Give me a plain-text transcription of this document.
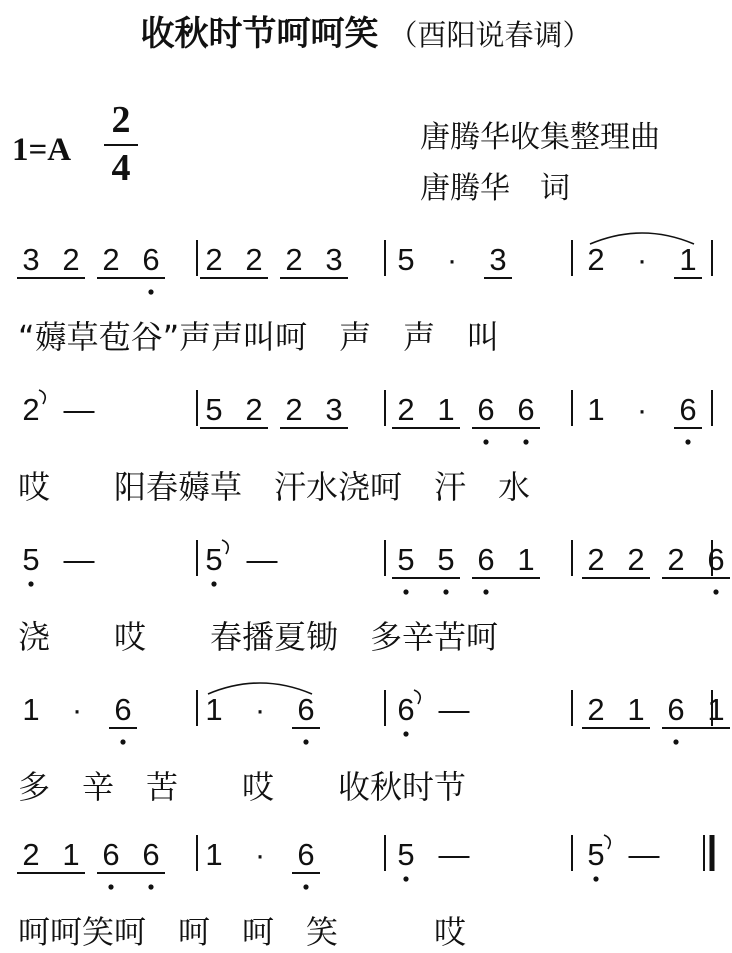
收秋时节呵呵笑 （酉阳说春调）
1=A
2
4
唐腾华收集整理曲
唐腾华　词
3 2 2 6 2 2 2 3 5 · 3	2 · 1
“薅草苞谷”声声叫呵　声　声　叫
2 —	5 2 2 3 2 1 6 6 1 · 6
哎　　阳春薅草　汗水浇呵　汗　水
5 —	5 —	5 5 6 1 2 2 2 6
浇　　哎　　春播夏锄　多辛苦呵
1 · 6 1 · 6	6 —	2 1 6 1
多　辛　苦　　哎　　收秋时节
2 1 6 6 1 · 6	5 —	5 —
呵呵笑呵　呵　呵　笑　　　哎
